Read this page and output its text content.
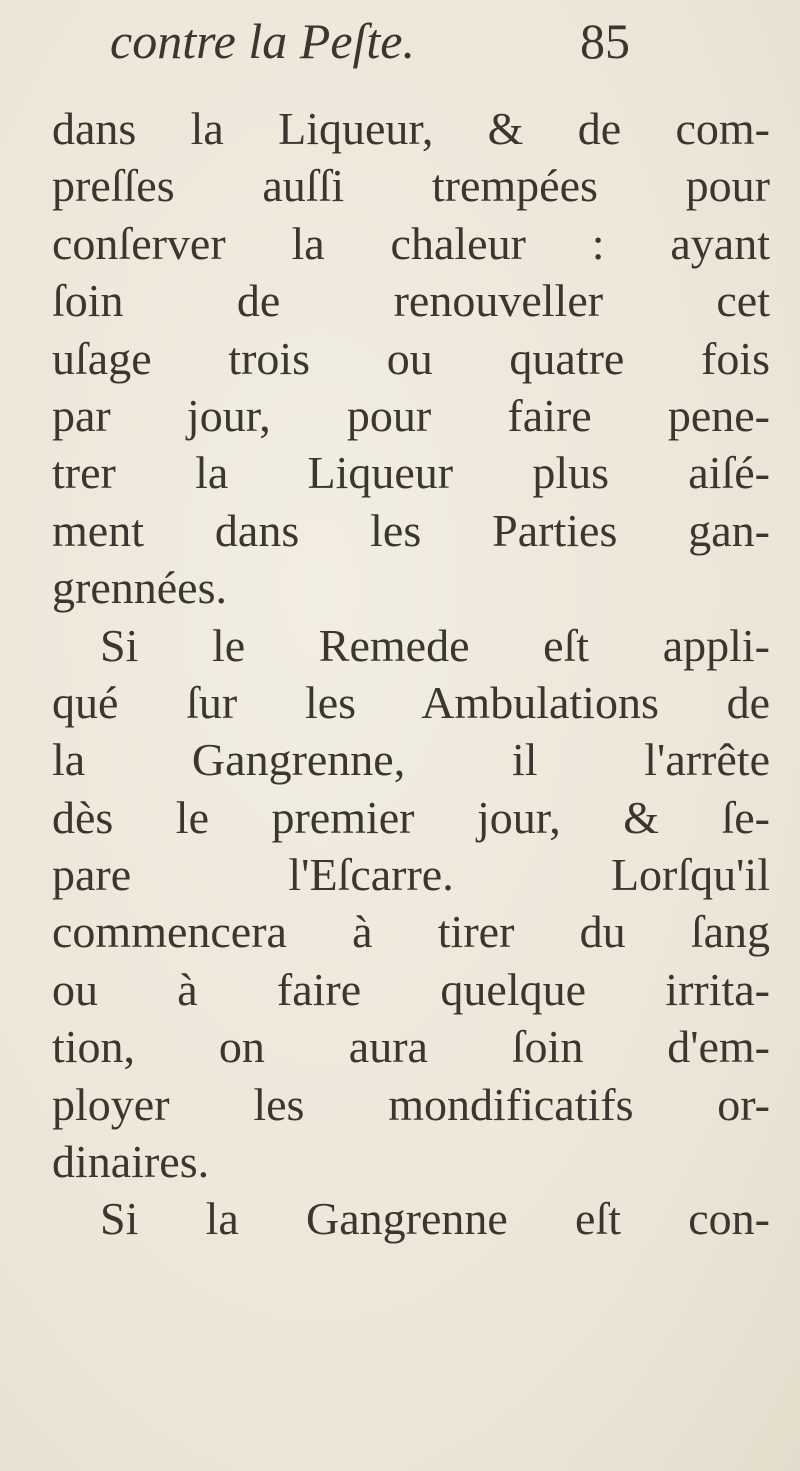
contre la Peſte.	85
dans la Liqueur, & de com-
preſſes auſſi trempées pour
conſerver la chaleur : ayant
ſoin de renouveller cet
uſage trois ou quatre fois
par jour, pour faire pene-
trer la Liqueur plus aiſé-
ment dans les Parties gan-
grennées.
Si le Remede eſt appli-
qué ſur les Ambulations de
la Gangrenne, il l'arrête
dès le premier jour, & ſe-
pare l'Eſcarre. Lorſqu'il
commencera à tirer du ſang
ou à faire quelque irrita-
tion, on aura ſoin d'em-
ployer les mondificatifs or-
dinaires.
Si la Gangrenne eſt con-
